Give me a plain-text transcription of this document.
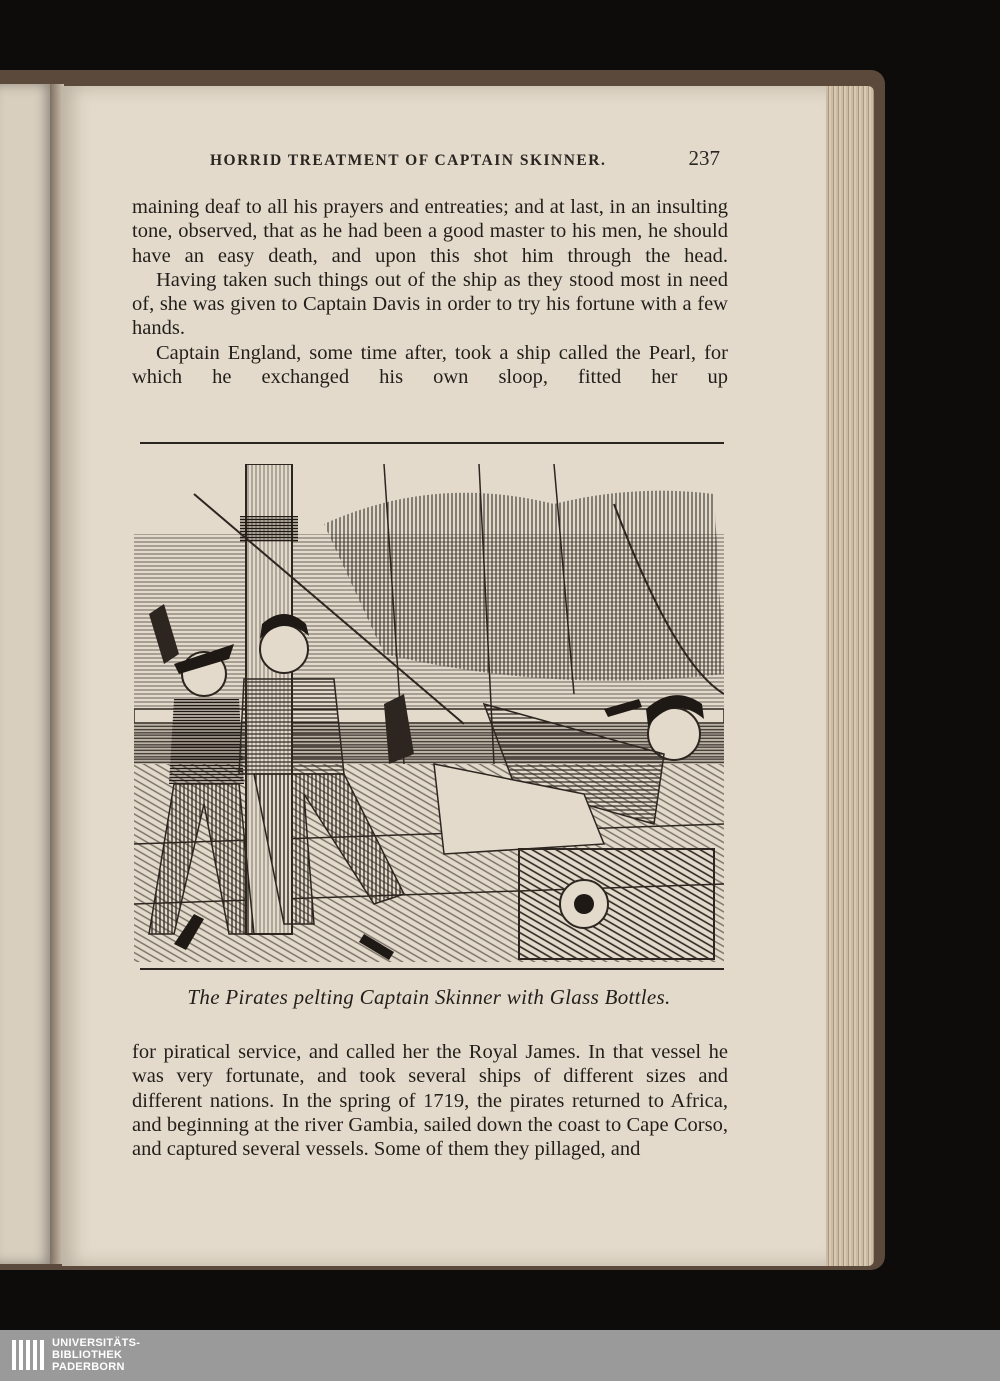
HORRID TREATMENT OF CAPTAIN SKINNER.	237

maining deaf to all his prayers and entreaties; and at last, in an insulting tone, observed, that as he had been a good master to his men, he should have an easy death, and upon this shot him through the head.

Having taken such things out of the ship as they stood most in need of, she was given to Captain Davis in order to try his fortune with a few hands.

Captain England, some time after, took a ship called the Pearl, for which he exchanged his own sloop, fitted her up

The Pirates pelting Captain Skinner with Glass Bottles.

for piratical service, and called her the Royal James. In that vessel he was very fortunate, and took several ships of different sizes and different nations. In the spring of 1719, the pirates returned to Africa, and beginning at the river Gambia, sailed down the coast to Cape Corso, and captured several vessels. Some of them they pillaged, and

UNIVERSITÄTS-
BIBLIOTHEK
PADERBORN
